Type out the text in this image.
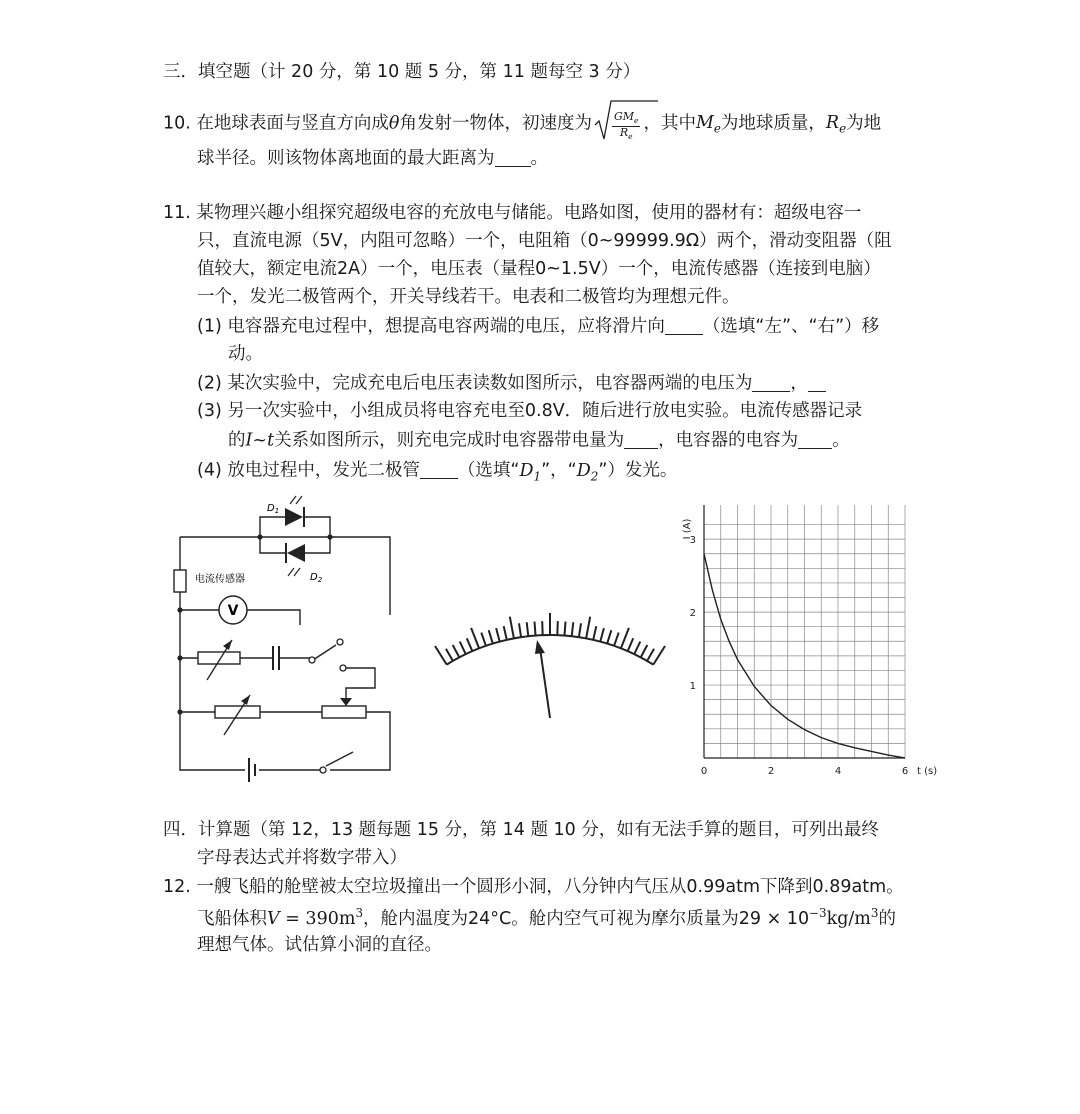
三．填空题（计 20 分，第 10 题 5 分，第 11 题每空 3 分）
10. 在地球表面与竖直方向成θ角发射一物体，初速度为 $\frac{GM_e}{R_e}$ ，其中$M_e$为地球质量，$R_e$为地
球半径。则该物体离地面的最大距离为 。
11. 某物理兴趣小组探究超级电容的充放电与储能。电路如图，使用的器材有：超级电容一
只，直流电源（5V，内阻可忽略）一个，电阻箱（0~99999.9Ω）两个，滑动变阻器（阻
值较大，额定电流2A）一个，电压表（量程0~1.5V）一个，电流传感器（连接到电脑）
一个，发光二极管两个，开关导线若干。电表和二极管均为理想元件。
(1) 电容器充电过程中，想提高电容两端的电压，应将滑片向 （选填“左”、“右”）移
动。
(2) 某次实验中，完成充电后电压表读数如图所示，电容器两端的电压为 ，
(3) 另一次实验中，小组成员将电容充电至0.8V．随后进行放电实验。电流传感器记录
的I~t关系如图所示，则充电完成时电容器带电量为 ，电容器的电容为 。
(4) 放电过程中，发光二极管 （选填“$D_1$”，“$D_2$”）发光。
$D_1$
$D_2$
电流传感器
V
0	2	4	6
1
2
3
t (s)
I (A)
四．计算题（第 12，13 题每题 15 分，第 14 题 10 分，如有无法手算的题目，可列出最终
字母表达式并将数字带入）
12. 一艘飞船的舱壁被太空垃圾撞出一个圆形小洞，八分钟内气压从0.99atm下降到0.89atm。
飞船体积$V = 390m^3$，舱内温度为24°C。舱内空气可视为摩尔质量为$29 \times 10^{-3}kg/m^3$的
理想气体。试估算小洞的直径。
